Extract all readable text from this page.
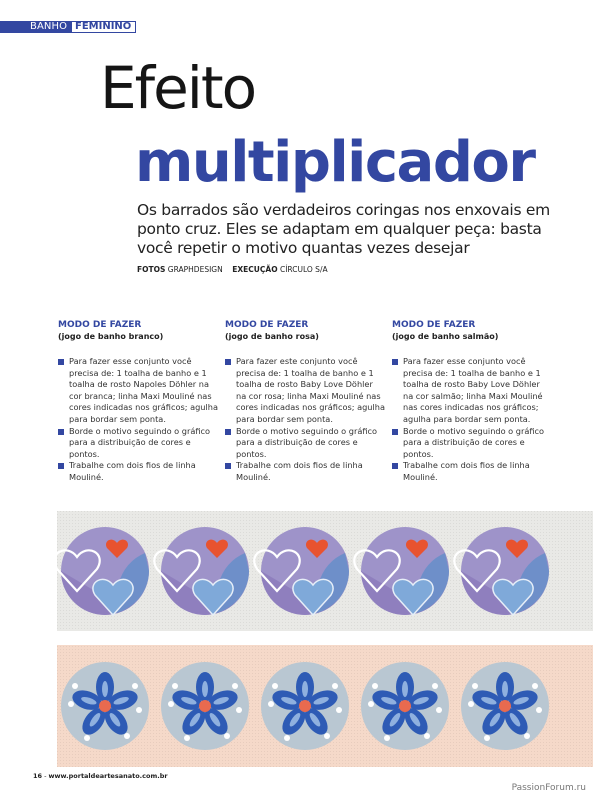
BANHO FEMININO
Efeito
multiplicador
Os barrados são verdadeiros coringas nos enxovais em ponto cruz. Eles se adaptam em qualquer peça: basta você repetir o motivo quantas vezes desejar
FOTOS GRAPHDESIGN EXECUÇÃO CÍRCULO S/A
MODO DE FAZER
(jogo de banho branco)
Para fazer esse conjunto você precisa de: 1 toalha de banho e 1 toalha de rosto Napoles Döhler na cor branca; linha Maxi Mouliné nas cores indicadas nos gráficos; agulha para bordar sem ponta.
Borde o motivo seguindo o gráfico para a distribuição de cores e pontos.
Trabalhe com dois fios de linha Mouliné.
MODO DE FAZER
(jogo de banho rosa)
Para fazer este conjunto você precisa de: 1 toalha de banho e 1 toalha de rosto Baby Love Döhler na cor rosa; linha Maxi Mouliné nas cores indicadas nos gráficos; agulha para bordar sem ponta.
Borde o motivo seguindo o gráfico para a distribuição de cores e pontos.
Trabalhe com dois fios de linha Mouliné.
MODO DE FAZER
(jogo de banho salmão)
Para fazer esse conjunto você precisa de: 1 toalha de banho e 1 toalha de rosto Baby Love Döhler na cor salmão; linha Maxi Mouliné nas cores indicadas nos gráficos; agulha para bordar sem ponta.
Borde o motivo seguindo o gráfico para a distribuição de cores e pontos.
Trabalhe com dois fios de linha Mouliné.
16 - www.portaldeartesanato.com.br
PassionForum.ru
